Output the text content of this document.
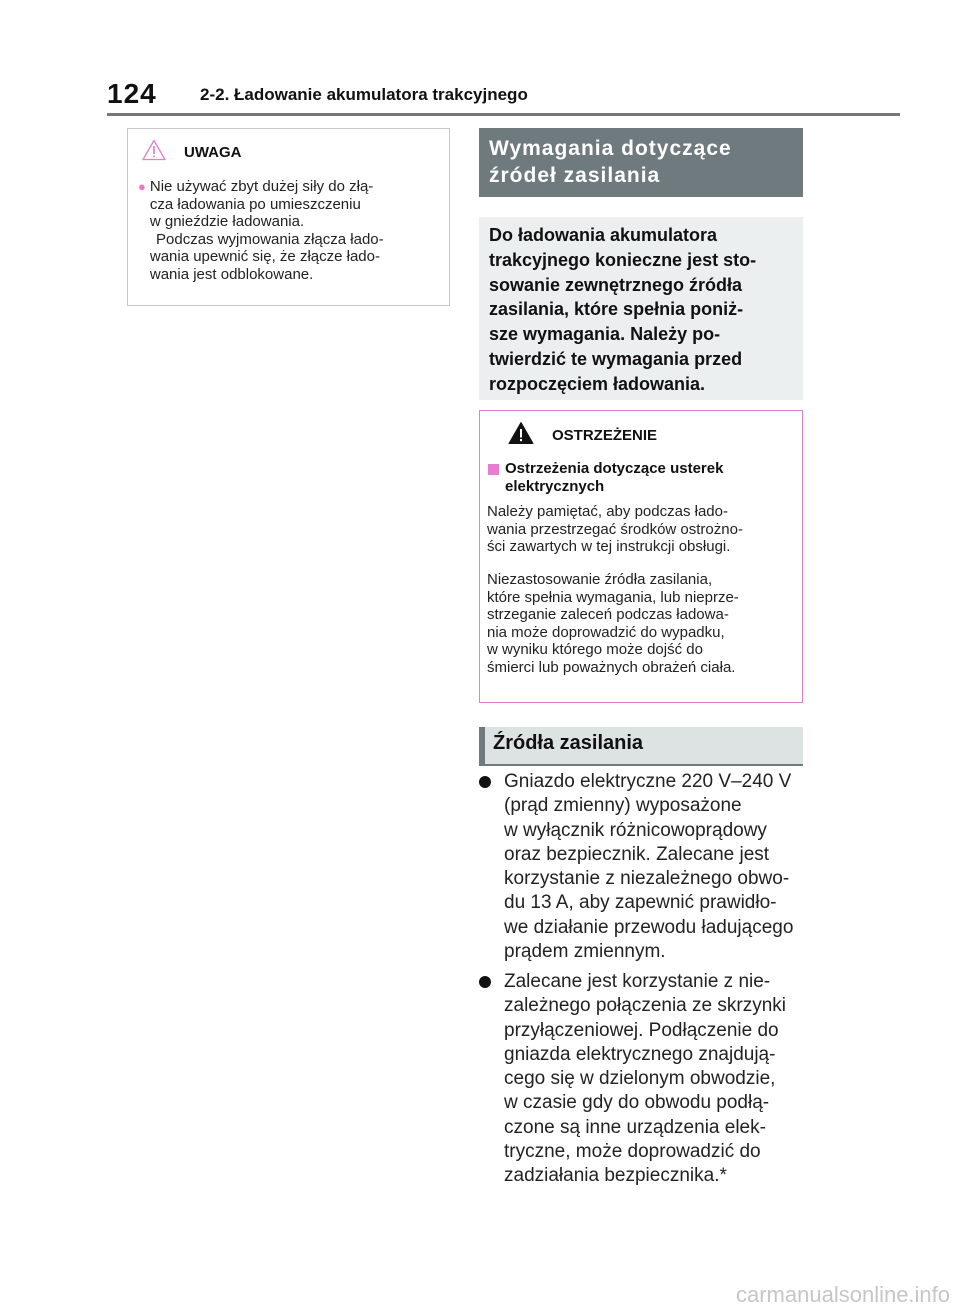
124	2-2. Ładowanie akumulatora trakcyjnego
UWAGA
● Nie używać zbyt dużej siły do złą-

cza ładowania po umieszczeniu

w gnieździe ładowania.

Podczas wyjmowania złącza łado-

wania upewnić się, że złącze łado-

wania jest odblokowane.

Wymagania dotyczące
źródeł zasilania

Do ładowania akumulatora
trakcyjnego konieczne jest sto-
sowanie zewnętrznego źródła
zasilania, które spełnia poniż-
sze wymagania. Należy po-
twierdzić te wymagania przed
rozpoczęciem ładowania.

OSTRZEŻENIE
Ostrzeżenia dotyczące usterek
elektrycznych
Należy pamiętać, aby podczas łado-
wania przestrzegać środków ostrożno-
ści zawartych w tej instrukcji obsługi.
Niezastosowanie źródła zasilania,
które spełnia wymagania, lub nieprze-
strzeganie zaleceń podczas ładowa-
nia może doprowadzić do wypadku,
w wyniku którego może dojść do
śmierci lub poważnych obrażeń ciała.
Źródła zasilania
Gniazdo elektryczne 220 V–240 V
(prąd zmienny) wyposażone
w wyłącznik różnicowoprądowy
oraz bezpiecznik. Zalecane jest
korzystanie z niezależnego obwo-
du 13 A, aby zapewnić prawidło-
we działanie przewodu ładującego
prądem zmiennym.
Zalecane jest korzystanie z nie-
zależnego połączenia ze skrzynki
przyłączeniowej. Podłączenie do
gniazda elektrycznego znajdują-
cego się w dzielonym obwodzie,
w czasie gdy do obwodu podłą-
czone są inne urządzenia elek-
tryczne, może doprowadzić do
zadziałania bezpiecznika.*
carmanualsonline.info
